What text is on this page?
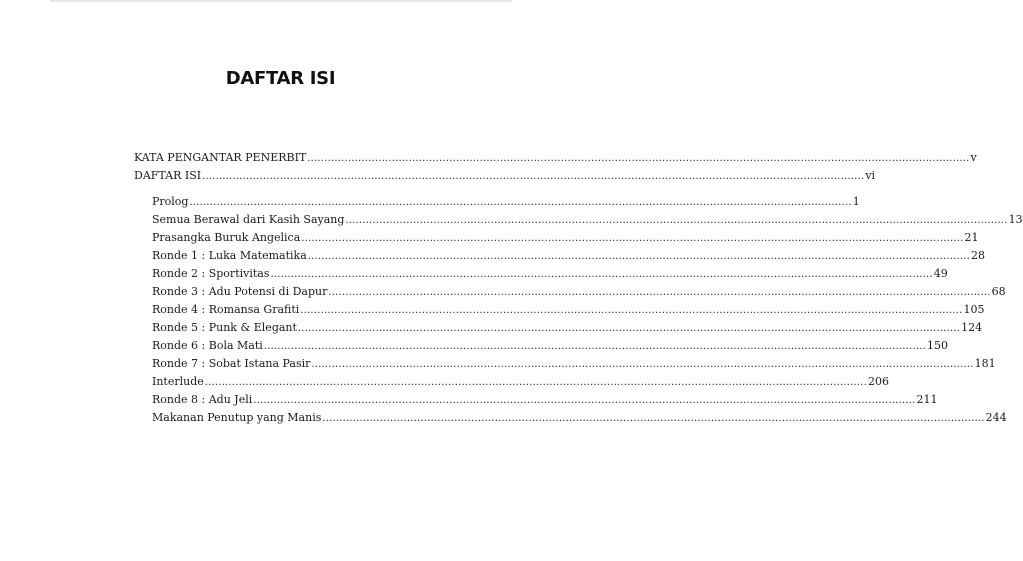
DAFTAR ISI
KATA PENGANTAR PENERBIT .................................................................................................................................................................................................... v
DAFTAR ISI .................................................................................................................................................................................................... vi
Prolog .................................................................................................................................................................................................... 1
Semua Berawal dari Kasih Sayang .................................................................................................................................................................................................... 13
Prasangka Buruk Angelica .................................................................................................................................................................................................... 21
Ronde 1 : Luka Matematika .................................................................................................................................................................................................... 28
Ronde 2 : Sportivitas .................................................................................................................................................................................................... 49
Ronde 3 : Adu Potensi di Dapur .................................................................................................................................................................................................... 68
Ronde 4 : Romansa Grafiti .................................................................................................................................................................................................... 105
Ronde 5 : Punk & Elegant .................................................................................................................................................................................................... 124
Ronde 6 : Bola Mati .................................................................................................................................................................................................... 150
Ronde 7 : Sobat Istana Pasir .................................................................................................................................................................................................... 181
Interlude .................................................................................................................................................................................................... 206
Ronde 8 : Adu Jeli .................................................................................................................................................................................................... 211
Makanan Penutup yang Manis .................................................................................................................................................................................................... 244
